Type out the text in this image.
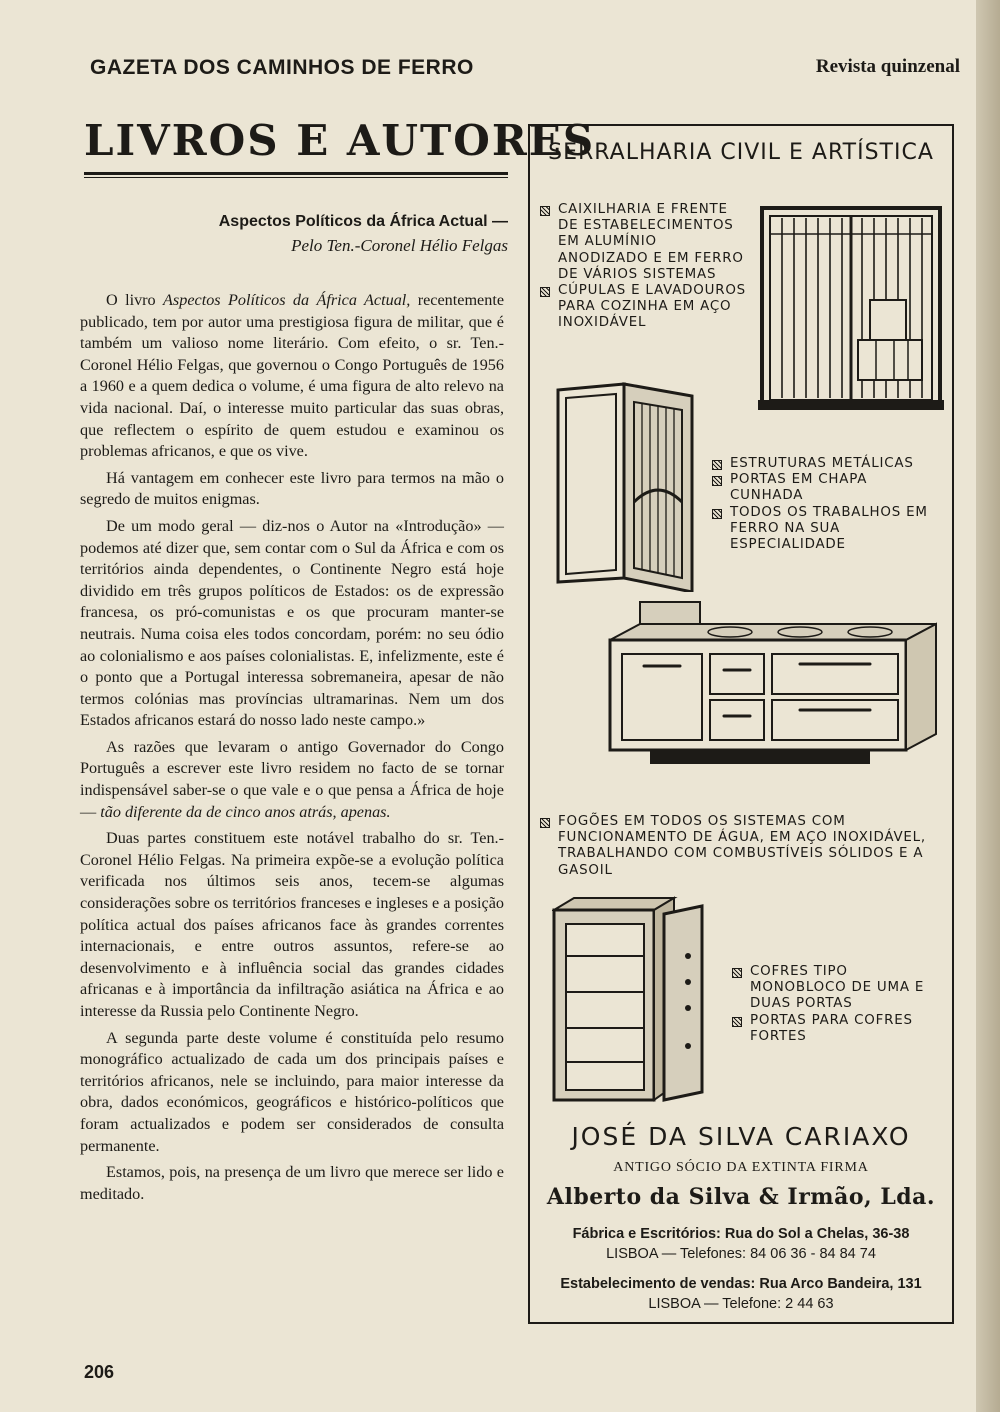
GAZETA DOS CAMINHOS DE FERRO	Revista quinzenal
LIVROS E AUTORES
Aspectos Políticos da África Actual —
Pelo Ten.-Coronel Hélio Felgas

O livro Aspectos Políticos da África Actual, recentemente publicado, tem por autor uma prestigiosa figura de militar, que é também um valioso nome literário. Com efeito, o sr. Ten.-Coronel Hélio Felgas, que governou o Congo Português de 1956 a 1960 e a quem dedica o volume, é uma figura de alto relevo na vida nacional. Daí, o interesse muito particular das suas obras, que reflectem o espírito de quem estudou e examinou os problemas africanos, e que os vive.

Há vantagem em conhecer este livro para termos na mão o segredo de muitos enigmas.

De um modo geral — diz-nos o Autor na «Introdução» — podemos até dizer que, sem contar com o Sul da África e com os territórios ainda dependentes, o Continente Negro está hoje dividido em três grupos políticos de Estados: os de expressão francesa, os pró-comunistas e os que procuram manter-se neutrais. Numa coisa eles todos concordam, porém: no seu ódio ao colonialismo e aos países colonialistas. E, infelizmente, este é o ponto que a Portugal interessa sobremaneira, apesar de não termos colónias mas províncias ultramarinas. Nem um dos Estados africanos estará do nosso lado neste campo.»

As razões que levaram o antigo Governador do Congo Português a escrever este livro residem no facto de se tornar indispensável saber-se o que vale e o que pensa a África de hoje — tão diferente da de cinco anos atrás, apenas.

Duas partes constituem este notável trabalho do sr. Ten.-Coronel Hélio Felgas. Na primeira expõe-se a evolução política verificada nos últimos seis anos, tecem-se algumas considerações sobre os territórios franceses e ingleses e a posição política actual dos países africanos face às grandes correntes internacionais, e entre outros assuntos, refere-se ao desenvolvimento e à influência social das grandes cidades africanas e à importância da infiltração asiática na África e ao interesse da Russia pelo Continente Negro.

A segunda parte deste volume é constituída pelo resumo monográfico actualizado de cada um dos principais países e territórios africanos, nele se incluindo, para maior interesse da obra, dados económicos, geográficos e histórico-políticos que foram actualizados e podem ser considerados de consulta permanente.

Estamos, pois, na presença de um livro que merece ser lido e meditado.

206
SERRALHARIA CIVIL E ARTÍSTICA
CAIXILHARIA E FRENTE DE ESTABELECIMENTOS EM ALUMÍNIO ANODIZADO E EM FERRO DE VÁRIOS SISTEMAS
CÚPULAS E LAVADOUROS PARA COZINHA EM AÇO INOXIDÁVEL
ESTRUTURAS METÁLICAS
PORTAS EM CHAPA CUNHADA
TODOS OS TRABALHOS EM FERRO NA SUA ESPECIALIDADE
FOGÕES EM TODOS OS SISTEMAS COM FUNCIONAMENTO DE ÁGUA, EM AÇO INOXIDÁVEL, TRABALHANDO COM COMBUSTÍVEIS SÓLIDOS E A GASOIL
COFRES TIPO MONOBLOCO DE UMA E DUAS PORTAS
PORTAS PARA COFRES FORTES
JOSÉ DA SILVA CARIAXO
ANTIGO SÓCIO DA EXTINTA FIRMA
Alberto da Silva & Irmão, Lda.
Fábrica e Escritórios: Rua do Sol a Chelas, 36-38
LISBOA — Telefones: 84 06 36 - 84 84 74
Estabelecimento de vendas: Rua Arco Bandeira, 131
LISBOA — Telefone: 2 44 63
